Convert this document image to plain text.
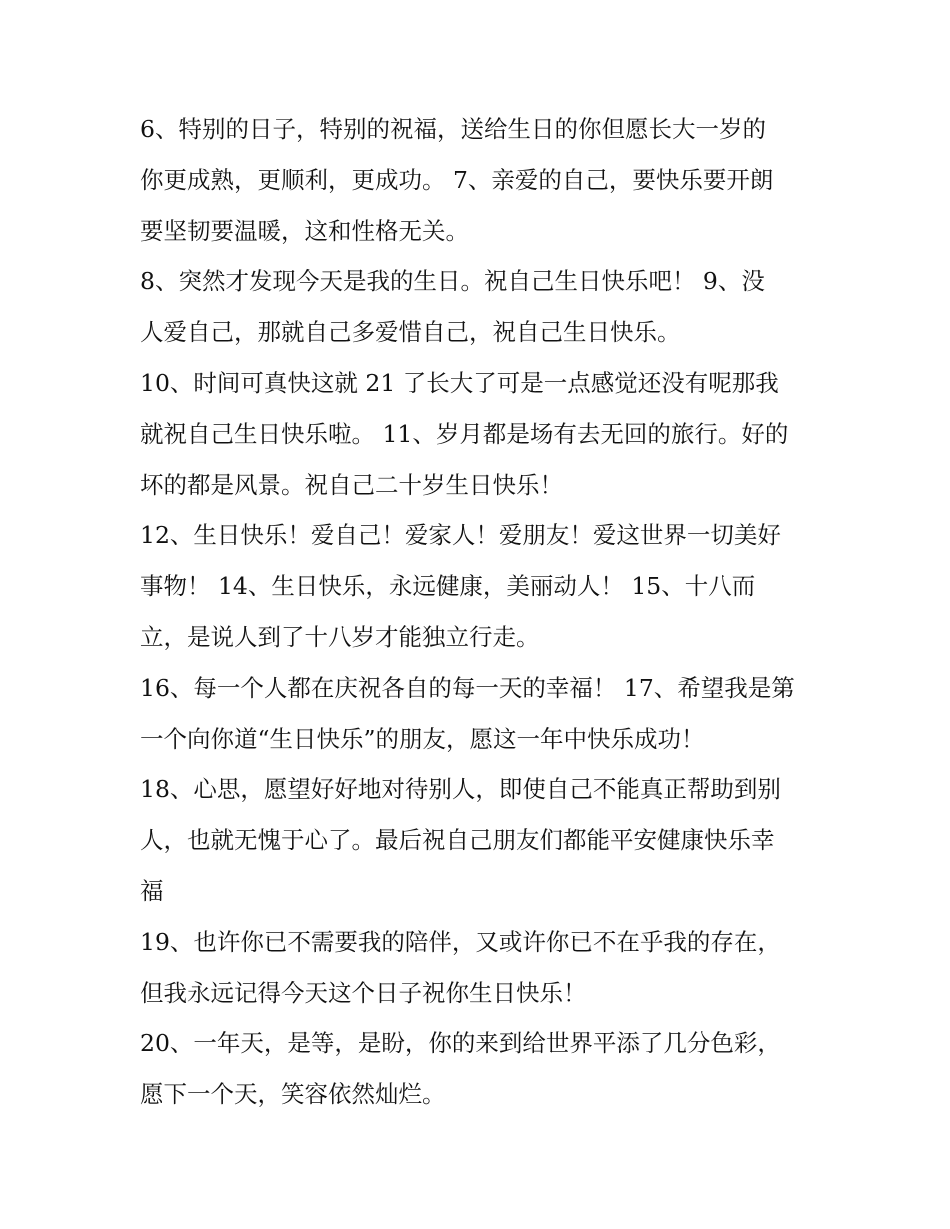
6、特别的日子，特别的祝福，送给生日的你但愿长大一岁的
你更成熟，更顺利，更成功。 7、亲爱的自己，要快乐要开朗
要坚韧要温暖，这和性格无关。
8、突然才发现今天是我的生日。祝自己生日快乐吧！ 9、没
人爱自己，那就自己多爱惜自己，祝自己生日快乐。
10、时间可真快这就 21 了长大了可是一点感觉还没有呢那我
就祝自己生日快乐啦。 11、岁月都是场有去无回的旅行。好的
坏的都是风景。祝自己二十岁生日快乐！
12、生日快乐！爱自己！爱家人！爱朋友！爱这世界一切美好
事物！ 14、生日快乐，永远健康，美丽动人！ 15、十八而
立，是说人到了十八岁才能独立行走。
16、每一个人都在庆祝各自的每一天的幸福！ 17、希望我是第
一个向你道“生日快乐”的朋友，愿这一年中快乐成功！
18、心思，愿望好好地对待别人，即使自己不能真正帮助到别
人，也就无愧于心了。最后祝自己朋友们都能平安健康快乐幸
福
19、也许你已不需要我的陪伴，又或许你已不在乎我的存在，
但我永远记得今天这个日子祝你生日快乐！
20、一年天，是等，是盼，你的来到给世界平添了几分色彩，
愿下一个天，笑容依然灿烂。
